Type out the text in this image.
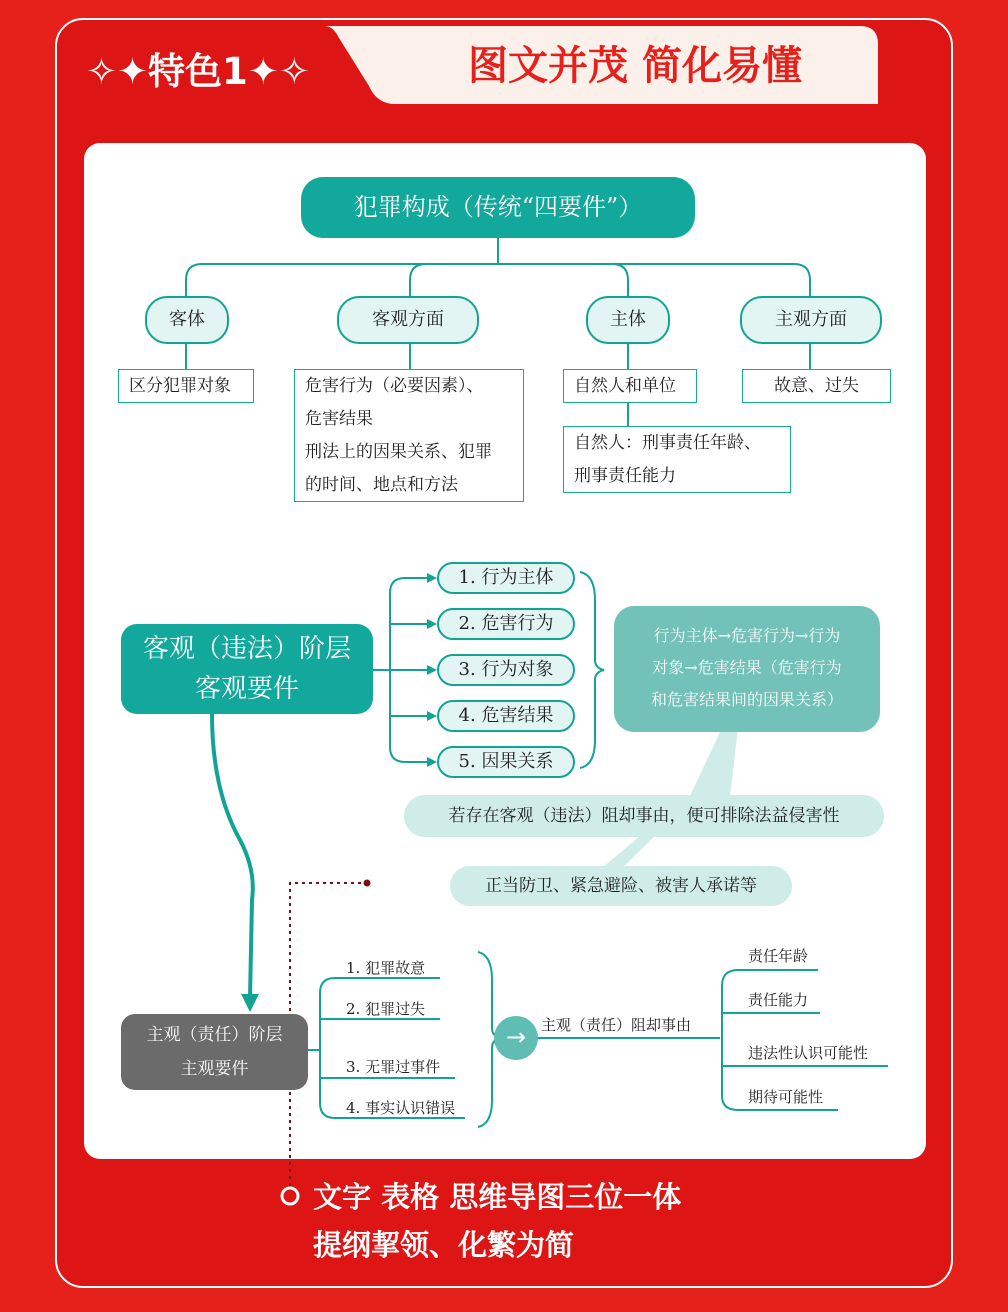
✧✦特色1✦✧	图文并茂 简化易懂
犯罪构成（传统“四要件”）
客体	客观方面	主体	主观方面
区分犯罪对象	危害行为（必要因素）、
危害结果
刑法上的因果关系、犯罪
的时间、地点和方法
自然人和单位
自然人：刑事责任年龄、
刑事责任能力
故意、过失
客观（违法）阶层
客观要件
1. 行为主体
2. 危害行为
3. 行为对象
4. 危害结果
5. 因果关系
行为主体→危害行为→行为
对象→危害结果（危害行为
和危害结果间的因果关系）
若存在客观（违法）阻却事由，便可排除法益侵害性
正当防卫、紧急避险、被害人承诺等
主观（责任）阶层
主观要件
1. 犯罪故意
2. 犯罪过失
3. 无罪过事件
4. 事实认识错误
→ 主观（责任）阻却事由
责任年龄
责任能力
违法性认识可能性
期待可能性
文字 表格 思维导图三位一体
提纲挈领、化繁为简
